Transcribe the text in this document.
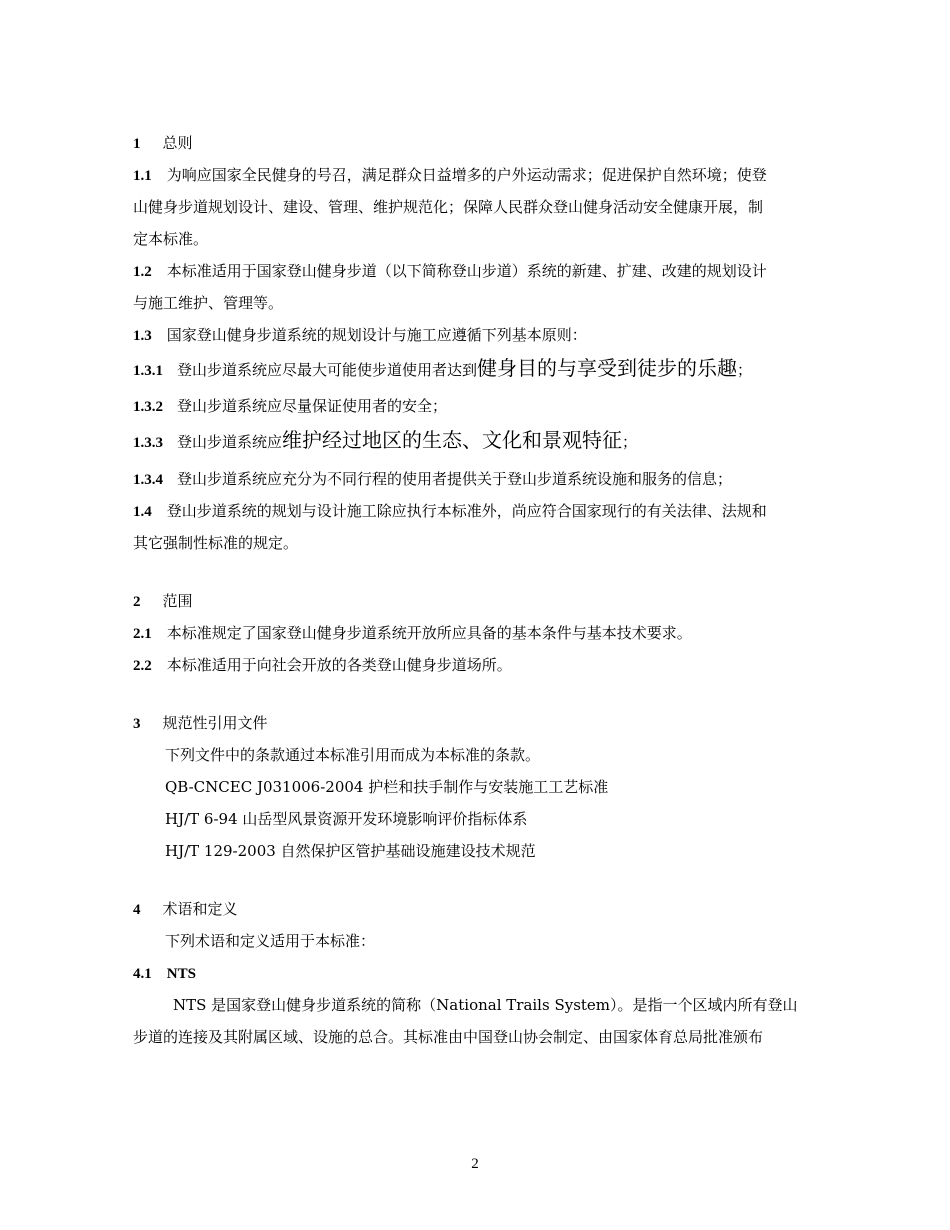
1 总则
1.1 为响应国家全民健身的号召，满足群众日益增多的户外运动需求；促进保护自然环境；使登
山健身步道规划设计、建设、管理、维护规范化；保障人民群众登山健身活动安全健康开展，制
定本标准。
1.2 本标准适用于国家登山健身步道（以下简称登山步道）系统的新建、扩建、改建的规划设计
与施工维护、管理等。
1.3 国家登山健身步道系统的规划设计与施工应遵循下列基本原则：
1.3.1 登山步道系统应尽最大可能使步道使用者达到健身目的与享受到徒步的乐趣；
1.3.2 登山步道系统应尽量保证使用者的安全；
1.3.3 登山步道系统应维护经过地区的生态、文化和景观特征；
1.3.4 登山步道系统应充分为不同行程的使用者提供关于登山步道系统设施和服务的信息；
1.4 登山步道系统的规划与设计施工除应执行本标准外，尚应符合国家现行的有关法律、法规和
其它强制性标准的规定。
2 范围
2.1 本标准规定了国家登山健身步道系统开放所应具备的基本条件与基本技术要求。
2.2 本标准适用于向社会开放的各类登山健身步道场所。
3 规范性引用文件
下列文件中的条款通过本标准引用而成为本标准的条款。
QB-CNCEC J031006-2004 护栏和扶手制作与安装施工工艺标准
HJ/T 6-94 山岳型风景资源开发环境影响评价指标体系
HJ/T 129-2003 自然保护区管护基础设施建设技术规范
4 术语和定义
下列术语和定义适用于本标准：
4.1 NTS
NTS 是国家登山健身步道系统的简称（National Trails System）。是指一个区域内所有登山
步道的连接及其附属区域、设施的总合。其标准由中国登山协会制定、由国家体育总局批准颁布
2
